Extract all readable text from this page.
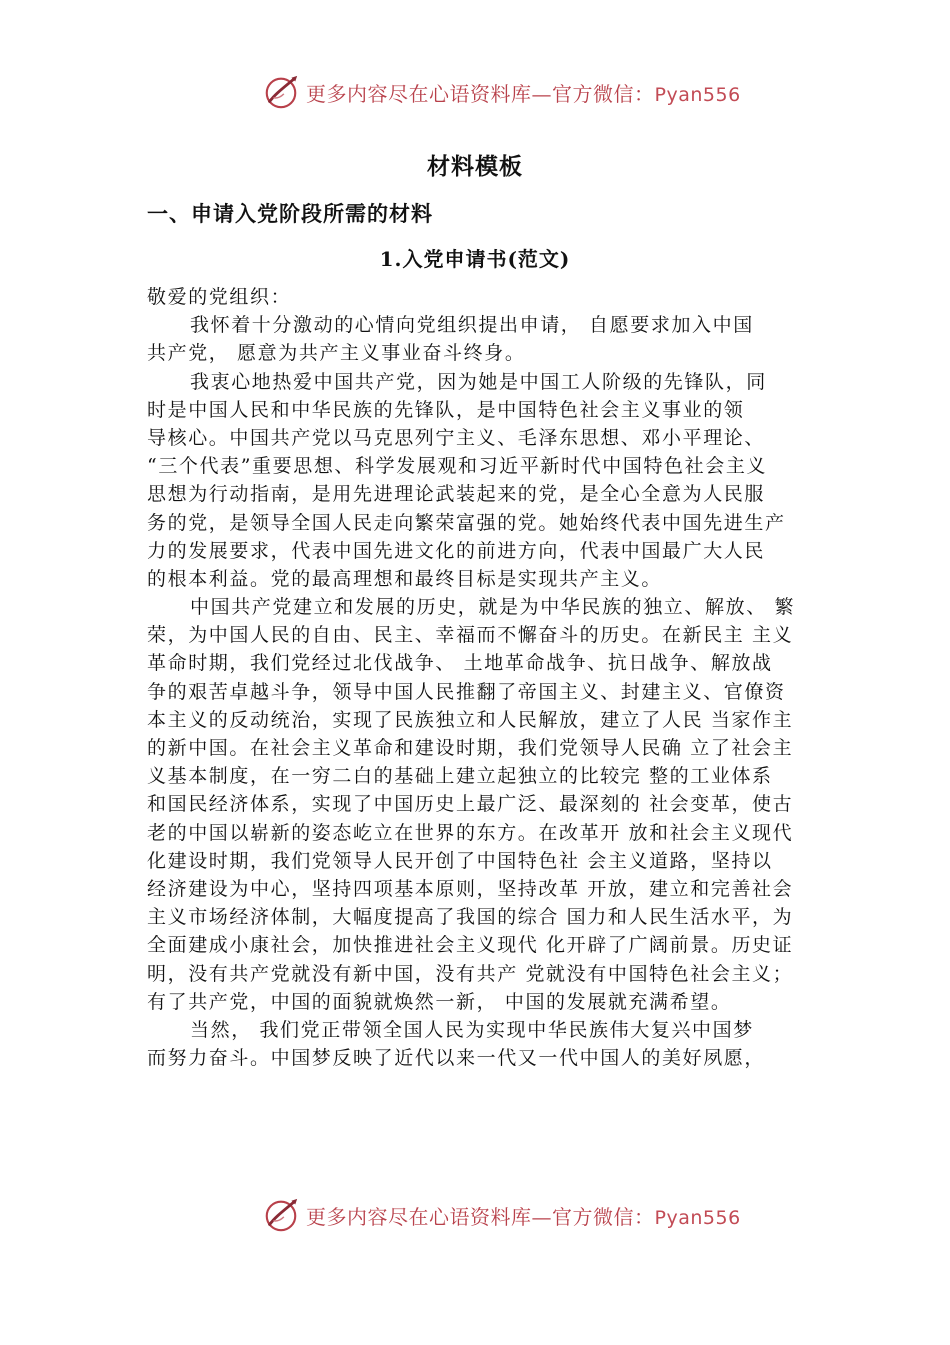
更多内容尽在心语资料库—官方微信：Pyan556
材料模板
一、申请入党阶段所需的材料
1.入党申请书(范文)
敬爱的党组织：
我怀着十分激动的心情向党组织提出申请， 自愿要求加入中国
共产党， 愿意为共产主义事业奋斗终身。
我衷心地热爱中国共产党，因为她是中国工人阶级的先锋队，同
时是中国人民和中华民族的先锋队，是中国特色社会主义事业的领
导核心。中国共产党以马克思列宁主义、毛泽东思想、邓小平理论、
“三个代表”重要思想、科学发展观和习近平新时代中国特色社会主义
思想为行动指南，是用先进理论武装起来的党，是全心全意为人民服
务的党，是领导全国人民走向繁荣富强的党。她始终代表中国先进生产
力的发展要求，代表中国先进文化的前进方向，代表中国最广大人民
的根本利益。党的最高理想和最终目标是实现共产主义。
中国共产党建立和发展的历史，就是为中华民族的独立、解放、 繁
荣，为中国人民的自由、民主、幸福而不懈奋斗的历史。在新民主 主义
革命时期，我们党经过北伐战争、 土地革命战争、抗日战争、解放战
争的艰苦卓越斗争，领导中国人民推翻了帝国主义、封建主义、官僚资
本主义的反动统治，实现了民族独立和人民解放，建立了人民 当家作主
的新中国。在社会主义革命和建设时期，我们党领导人民确 立了社会主
义基本制度，在一穷二白的基础上建立起独立的比较完 整的工业体系
和国民经济体系，实现了中国历史上最广泛、最深刻的 社会变革，使古
老的中国以崭新的姿态屹立在世界的东方。在改革开 放和社会主义现代
化建设时期，我们党领导人民开创了中国特色社 会主义道路，坚持以
经济建设为中心，坚持四项基本原则，坚持改革 开放，建立和完善社会
主义市场经济体制，大幅度提高了我国的综合 国力和人民生活水平，为
全面建成小康社会，加快推进社会主义现代 化开辟了广阔前景。历史证
明，没有共产党就没有新中国，没有共产 党就没有中国特色社会主义；
有了共产党，中国的面貌就焕然一新， 中国的发展就充满希望。
当然， 我们党正带领全国人民为实现中华民族伟大复兴中国梦
而努力奋斗。中国梦反映了近代以来一代又一代中国人的美好夙愿，
更多内容尽在心语资料库—官方微信：Pyan556
